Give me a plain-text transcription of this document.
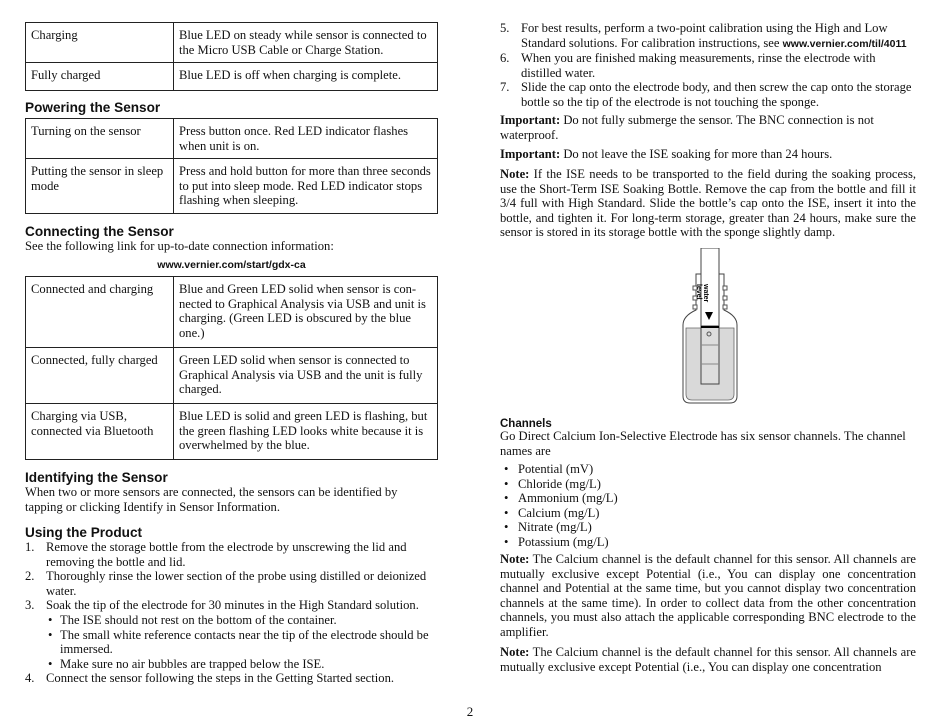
Charging	Blue LED on steady while sensor is connected to the Micro USB Cable or Charge Station.
Fully charged	Blue LED is off when charging is complete.
Powering the Sensor
Turning on the sensor	Press button once. Red LED indicator flashes when unit is on.
Putting the sensor in sleep mode	Press and hold button for more than three seconds to put into sleep mode. Red LED indicator stops flashing when sleeping.
Connecting the Sensor

See the following link for up-to-date connection information:

www.vernier.com/start/gdx-ca

Connected and charging	Blue and Green LED solid when sensor is con-nected to Graphical Analysis via USB and unit is charging. (Green LED is obscured by the blue one.)
Connected, fully charged	Green LED solid when sensor is connected to Graphical Analysis via USB and the unit is fully charged.
Charging via USB, connected via Bluetooth	Blue LED is solid and green LED is flashing, but the green flashing LED looks white because it is overwhelmed by the blue.
Identifying the Sensor

When two or more sensors are connected, the sensors can be identified by tapping or clicking Identify in Sensor Information.

Using the Product
1. Remove the storage bottle from the electrode by unscrewing the lid and removing the bottle and lid.
2. Thoroughly rinse the lower section of the probe using distilled or deionized water.
3. Soak the tip of the electrode for 30 minutes in the High Standard solution.
• The ISE should not rest on the bottom of the container.
• The small white reference contacts near the tip of the electrode should be immersed.
• Make sure no air bubbles are trapped below the ISE.
4. Connect the sensor following the steps in the Getting Started section.
5. For best results, perform a two-point calibration using the High and Low Standard solutions. For calibration instructions, see www.vernier.com/til/4011
6. When you are finished making measurements, rinse the electrode with distilled water.
7. Slide the cap onto the electrode body, and then screw the cap onto the storage bottle so the tip of the electrode is not touching the sponge.

Important: Do not fully submerge the sensor. The BNC connection is not waterproof.

Important: Do not leave the ISE soaking for more than 24 hours.

Note: If the ISE needs to be transported to the field during the soaking process, use the Short-Term ISE Soaking Bottle. Remove the cap from the bottle and fill it 3/4 full with High Standard. Slide the bottle’s cap onto the ISE, insert it into the bottle, and tighten it. For long-term storage, greater than 24 hours, make sure the sensor is stored in its storage bottle with the sponge slightly damp.

waterlevel
Channels

Go Direct Calcium Ion-Selective Electrode has six sensor channels. The channel names are

• Potential (mV)
• Chloride (mg/L)
• Ammonium (mg/L)
• Calcium (mg/L)
• Nitrate (mg/L)
• Potassium (mg/L)

Note: The Calcium channel is the default channel for this sensor. All channels are mutually exclusive except Potential (i.e., You can display one concentration channel and Potential at the same time, but you cannot display two concentration channels at the same time). In order to collect data from the other concentration channels, you must also attach the applicable corresponding BNC electrode to the amplifier.

Note: The Calcium channel is the default channel for this sensor. All channels are mutually exclusive except Potential (i.e., You can display one concentration

2
